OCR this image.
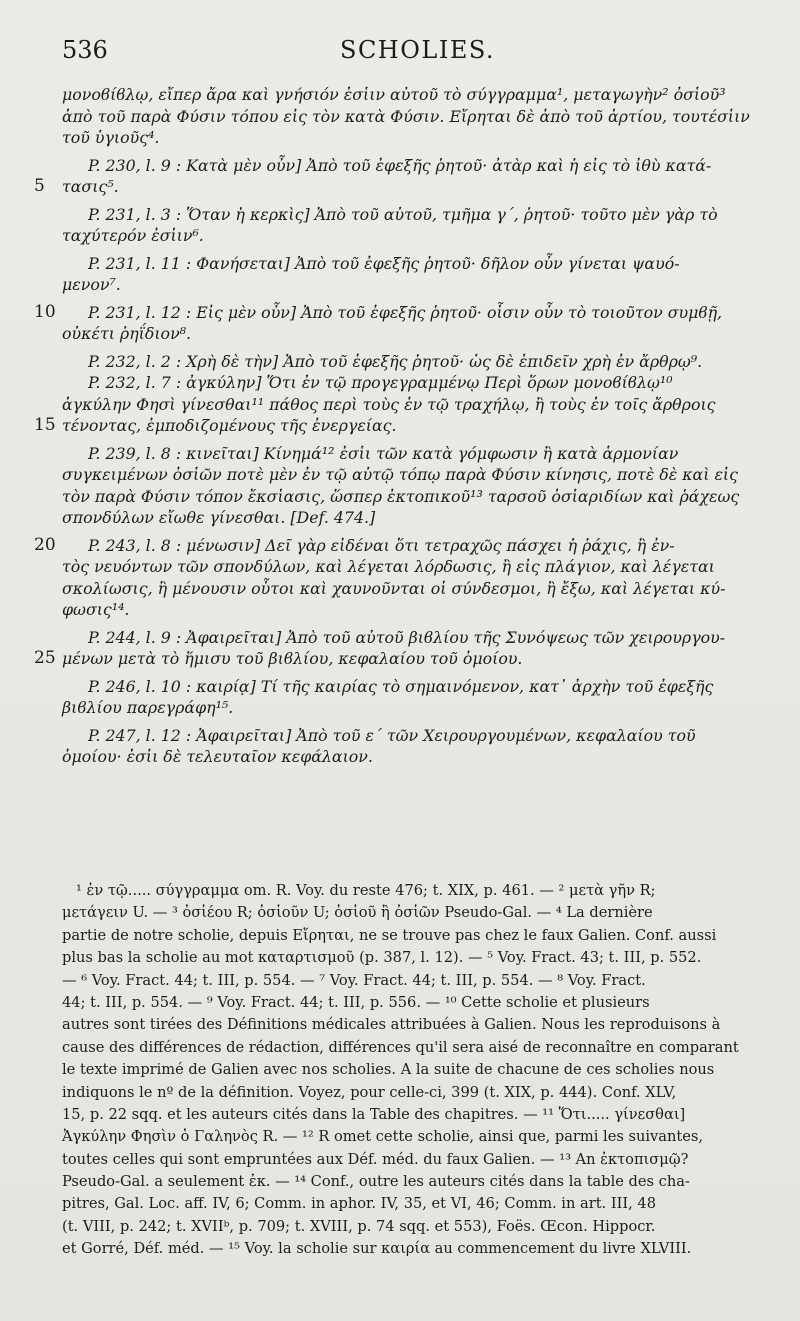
536	SCHOLIES.
μονοϐίϐλῳ, εἴπερ ἄρα καὶ γνήσιόν ἐσἱιν αὐτοῦ τὸ σύγγραμμα¹, μεταγωγὴν² ὀσἱοῦ³
ἀπὸ τοῦ παρὰ Φύσιν τόπου εἰς τὸν κατὰ Φύσιν. Εἴρηται δὲ ἀπὸ τοῦ ἀρτίου, τουτέσἱιν
τοῦ ὑγιοῦς⁴.
P. 230, l. 9 : Κατὰ μὲν οὖν] Ἀπὸ τοῦ ἐφεξῆς ῥητοῦ· ἀτὰρ καὶ ἡ εἰς τὸ ἰθὺ κατά-
5 τασις⁵.
P. 231, l. 3 : Ὅταν ἡ κερκὶς] Ἀπὸ τοῦ αὐτοῦ, τμῆμα γ΄, ῥητοῦ· τοῦτο μὲν γὰρ τὸ
ταχύτερόν ἐσἱιν⁶.
P. 231, l. 11 : Φανήσεται] Ἀπὸ τοῦ ἐφεξῆς ῥητοῦ· δῆλον οὖν γίνεται ψαυό-
μενον⁷.
10 P. 231, l. 12 : Εἰς μὲν οὖν] Ἀπὸ τοῦ ἐφεξῆς ῥητοῦ· οἷσιν οὖν τὸ τοιοῦτον συμϐῇ,
οὐκέτι ῥηΐδιον⁸.
P. 232, l. 2 : Χρὴ δὲ τὴν] Ἀπὸ τοῦ ἐφεξῆς ῥητοῦ· ὡς δὲ ἐπιδεῖν χρὴ ἐν ἄρθρῳ⁹.
P. 232, l. 7 : ἀγκύλην] Ὅτι ἐν τῷ προγεγραμμένῳ Περὶ ὅρων μονοϐίϐλῳ¹⁰
ἀγκύλην Φησὶ γίνεσθαι¹¹ πάθος περὶ τοὺς ἐν τῷ τραχήλῳ, ἢ τοὺς ἐν τοῖς ἄρθροις
15 τένοντας, ἐμποδιζομένους τῆς ἐνεργείας.
P. 239, l. 8 : κινεῖται] Κίνημά¹² ἐσἱι τῶν κατὰ γόμφωσιν ἢ κατὰ ἁρμονίαν
συγκειμένων ὀσἱῶν ποτὲ μὲν ἐν τῷ αὐτῷ τόπῳ παρὰ Φύσιν κίνησις, ποτὲ δὲ καὶ εἰς
τὸν παρὰ Φύσιν τόπον ἔκσἱασις, ὥσπερ ἐκτοπικοῦ¹³ ταρσοῦ ὀσἱαριδίων καὶ ῥάχεως
σπονδύλων εἴωθε γίνεσθαι. [Def. 474.]
20 P. 243, l. 8 : μένωσιν] Δεῖ γὰρ εἰδέναι ὅτι τετραχῶς πάσχει ἡ ῥάχις, ἢ ἐν-
τὸς νευόντων τῶν σπονδύλων, καὶ λέγεται λόρδωσις, ἢ εἰς πλάγιον, καὶ λέγεται
σκολίωσις, ἢ μένουσιν οὗτοι καὶ χαυνοῦνται οἱ σύνδεσμοι, ἢ ἔξω, καὶ λέγεται κύ-
φωσις¹⁴.
P. 244, l. 9 : Ἀφαιρεῖται] Ἀπὸ τοῦ αὐτοῦ βιϐλίου τῆς Συνόψεως τῶν χειρουργου-
25 μένων μετὰ τὸ ἥμισυ τοῦ βιϐλίου, κεφαλαίου τοῦ ὁμοίου.
P. 246, l. 10 : καιρίᾳ] Τί τῆς καιρίας τὸ σημαινόμενον, κατ᾽ ἀρχὴν τοῦ ἐφεξῆς
βιϐλίου παρεγράφη¹⁵.
P. 247, l. 12 : Ἀφαιρεῖται] Ἀπὸ τοῦ ε΄ τῶν Χειρουργουμένων, κεφαλαίου τοῦ
ὁμοίου· ἐσἱι δὲ τελευταῖον κεφάλαιον.
¹ ἐν τῷ..... σύγγραμμα om. R. Voy. du reste 476; t. XIX, p. 461. — ² μετὰ γῆν R;
μετάγειν U. — ³ ὀσἱέου R; ὀσἱοῦν U; ὀσἱοῦ ἢ ὀσἱῶν Pseudo-Gal. — ⁴ La dernière
partie de notre scholie, depuis Εἴρηται, ne se trouve pas chez le faux Galien. Conf. aussi
plus bas la scholie au mot καταρτισμοῦ (p. 387, l. 12). — ⁵ Voy. Fract. 43; t. III, p. 552.
— ⁶ Voy. Fract. 44; t. III, p. 554. — ⁷ Voy. Fract. 44; t. III, p. 554. — ⁸ Voy. Fract.
44; t. III, p. 554. — ⁹ Voy. Fract. 44; t. III, p. 556. — ¹⁰ Cette scholie et plusieurs
autres sont tirées des Définitions médicales attribuées à Galien. Nous les reproduisons à
cause des différences de rédaction, différences qu'il sera aisé de reconnaître en comparant
le texte imprimé de Galien avec nos scholies. A la suite de chacune de ces scholies nous
indiquons le nº de la définition. Voyez, pour celle-ci, 399 (t. XIX, p. 444). Conf. XLV,
15, p. 22 sqq. et les auteurs cités dans la Table des chapitres. — ¹¹ Ὅτι..... γίνεσθαι]
Ἀγκύλην Φησὶν ὁ Γαληνὸς R. — ¹² R omet cette scholie, ainsi que, parmi les suivantes,
toutes celles qui sont empruntées aux Déf. méd. du faux Galien. — ¹³ An ἐκτοπισμῷ?
Pseudo-Gal. a seulement ἐκ. — ¹⁴ Conf., outre les auteurs cités dans la table des cha-
pitres, Gal. Loc. aff. IV, 6; Comm. in aphor. IV, 35, et VI, 46; Comm. in art. III, 48
(t. VIII, p. 242; t. XVIIᵇ, p. 709; t. XVIII, p. 74 sqq. et 553), Foës. Œcon. Hippocr.
et Gorré, Déf. méd. — ¹⁵ Voy. la scholie sur καιρία au commencement du livre XLVIII.
